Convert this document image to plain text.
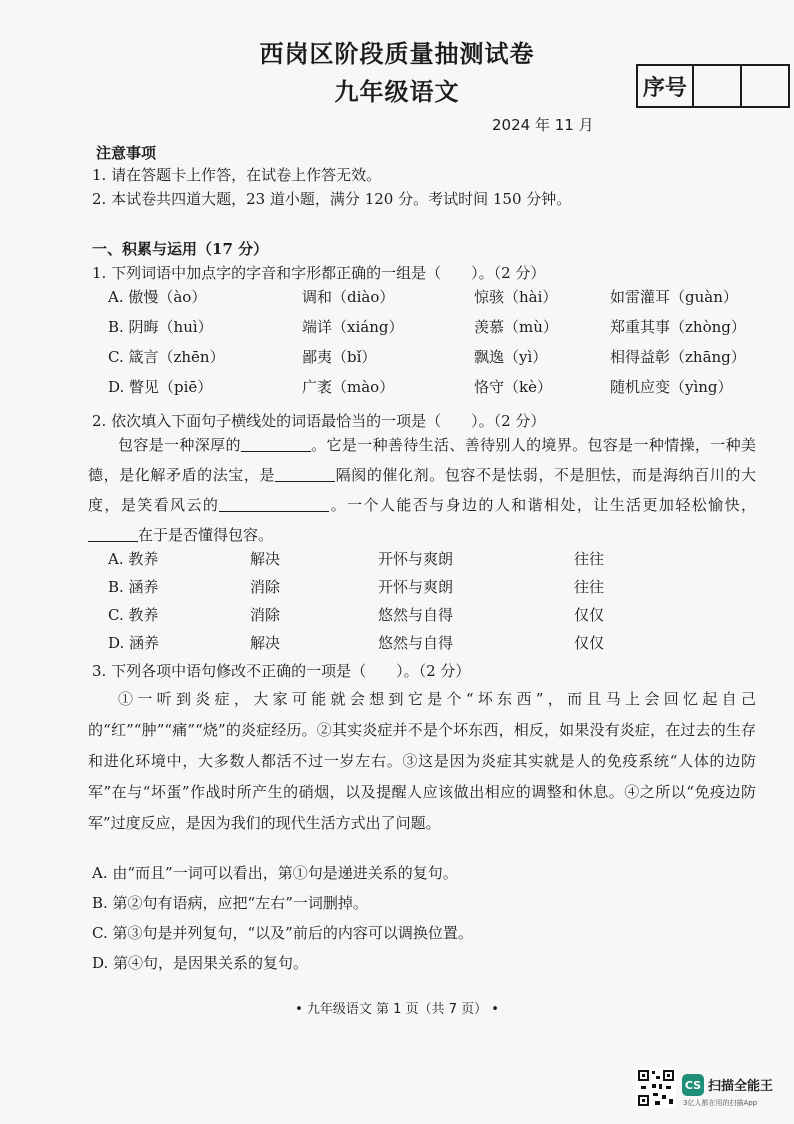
西岗区阶段质量抽测试卷
九年级语文	序号
2024 年 11 月
注意事项
1. 请在答题卡上作答，在试卷上作答无效。
2. 本试卷共四道大题，23 道小题，满分 120 分。考试时间 150 分钟。
一、积累与运用（17 分）
1. 下列词语中加点字的字音和字形都正确的一组是（　　）。（2 分）
A. 傲慢（ào）	调和（diào）	惊骇（hài）	如雷灌耳（guàn）
B. 阴晦（huì）	端详（xiáng）	羡慕（mù）	郑重其事（zhòng）
C. 箴言（zhēn）	鄙夷（bǐ）	飘逸（yì）	相得益彰（zhāng）
D. 瞥见（piē）	广袤（mào）	恪守（kè）	随机应变（yìng）
2. 依次填入下面句子横线处的词语最恰当的一项是（　　）。（2 分）
包容是一种深厚的	。它是一种善待生活、善待别人的境界。包容是一种情操，一种美德，是化解矛盾的法宝，是	隔阂的催化剂。包容不是怯弱，不是胆怯，而是海纳百川的大度，是笑看风云的	。一个人能否与身边的人和谐相处，让生活更加轻松愉快，在于是否懂得包容。
A. 教养	解决	开怀与爽朗	往往
B. 涵养	消除	开怀与爽朗	往往
C. 教养	消除	悠然与自得	仅仅
D. 涵养	解决	悠然与自得	仅仅
3. 下列各项中语句修改不正确的一项是（　　）。（2 分）
①一听到炎症，大家可能就会想到它是个“坏东西”，而且马上会回忆起自己的“红”“肿”“痛”“烧”的炎症经历。②其实炎症并不是个坏东西，相反，如果没有炎症，在过去的生存和进化环境中，大多数人都活不过一岁左右。③这是因为炎症其实就是人的免疫系统“人体的边防军”在与“坏蛋”作战时所产生的硝烟，以及提醒人应该做出相应的调整和休息。④之所以“免疫边防军”过度反应，是因为我们的现代生活方式出了问题。
A. 由“而且”一词可以看出，第①句是递进关系的复句。
B. 第②句有语病，应把“左右”一词删掉。
C. 第③句是并列复句，“以及”前后的内容可以调换位置。
D. 第④句，是因果关系的复句。
• 九年级语文 第 1 页（共 7 页） •
CS 扫描全能王
3亿人都在用的扫描App
